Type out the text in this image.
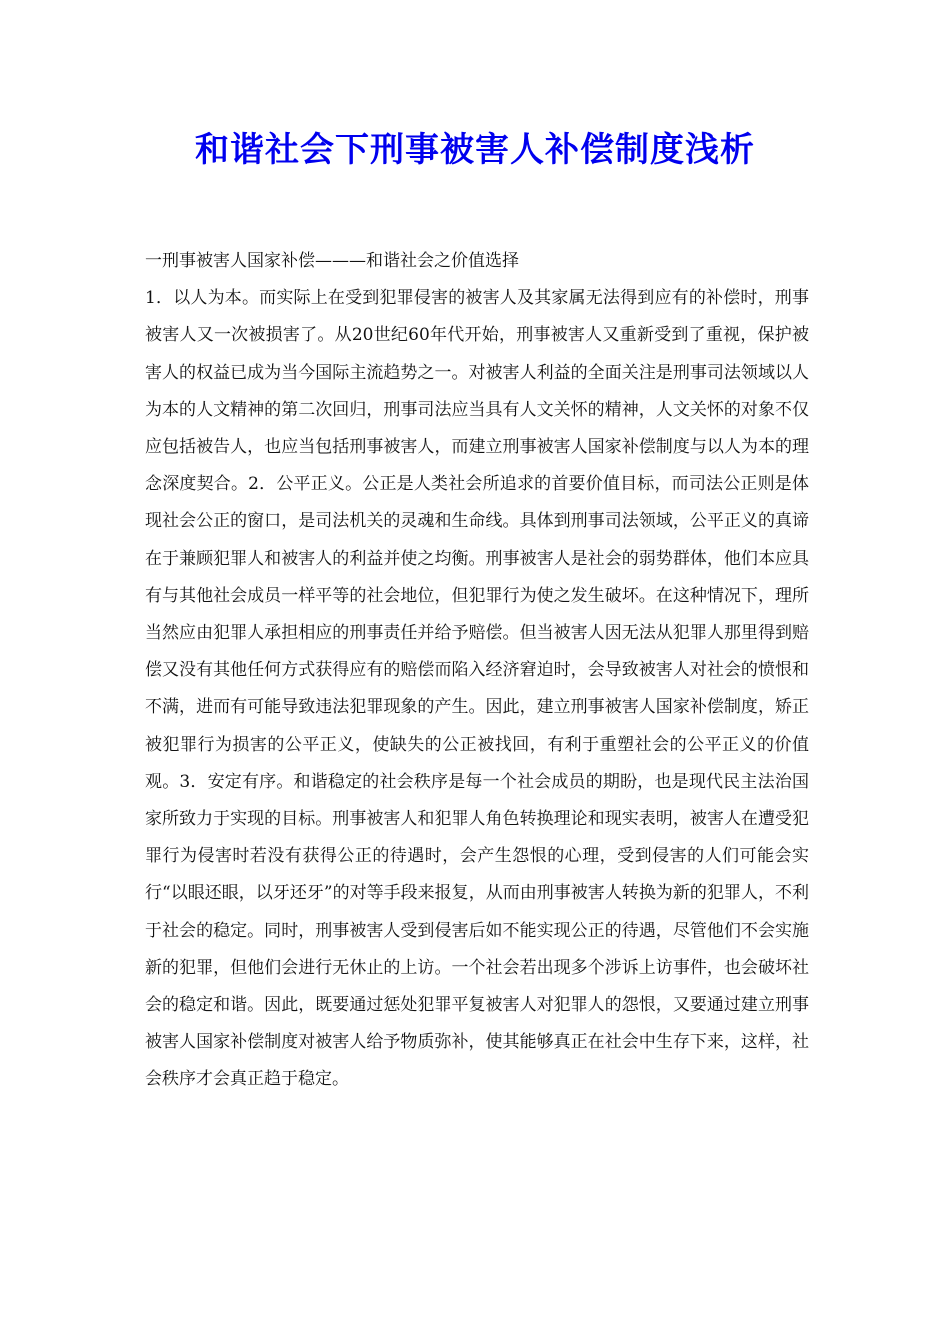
和谐社会下刑事被害人补偿制度浅析

一刑事被害人国家补偿———和谐社会之价值选择

1．以人为本。而实际上在受到犯罪侵害的被害人及其家属无法得到应有的补偿时，刑事被害人又一次被损害了。从20世纪60年代开始，刑事被害人又重新受到了重视，保护被害人的权益已成为当今国际主流趋势之一。对被害人利益的全面关注是刑事司法领域以人为本的人文精神的第二次回归，刑事司法应当具有人文关怀的精神，人文关怀的对象不仅应包括被告人，也应当包括刑事被害人，而建立刑事被害人国家补偿制度与以人为本的理念深度契合。2．公平正义。公正是人类社会所追求的首要价值目标，而司法公正则是体现社会公正的窗口，是司法机关的灵魂和生命线。具体到刑事司法领域，公平正义的真谛在于兼顾犯罪人和被害人的利益并使之均衡。刑事被害人是社会的弱势群体，他们本应具有与其他社会成员一样平等的社会地位，但犯罪行为使之发生破坏。在这种情况下，理所当然应由犯罪人承担相应的刑事责任并给予赔偿。但当被害人因无法从犯罪人那里得到赔偿又没有其他任何方式获得应有的赔偿而陷入经济窘迫时，会导致被害人对社会的愤恨和不满，进而有可能导致违法犯罪现象的产生。因此，建立刑事被害人国家补偿制度，矫正被犯罪行为损害的公平正义，使缺失的公正被找回，有利于重塑社会的公平正义的价值观。3．安定有序。和谐稳定的社会秩序是每一个社会成员的期盼，也是现代民主法治国家所致力于实现的目标。刑事被害人和犯罪人角色转换理论和现实表明，被害人在遭受犯罪行为侵害时若没有获得公正的待遇时，会产生怨恨的心理，受到侵害的人们可能会实行“以眼还眼，以牙还牙”的对等手段来报复，从而由刑事被害人转换为新的犯罪人，不利于社会的稳定。同时，刑事被害人受到侵害后如不能实现公正的待遇，尽管他们不会实施新的犯罪，但他们会进行无休止的上访。一个社会若出现多个涉诉上访事件，也会破坏社会的稳定和谐。因此，既要通过惩处犯罪平复被害人对犯罪人的怨恨，又要通过建立刑事被害人国家补偿制度对被害人给予物质弥补，使其能够真正在社会中生存下来，这样，社会秩序才会真正趋于稳定。
